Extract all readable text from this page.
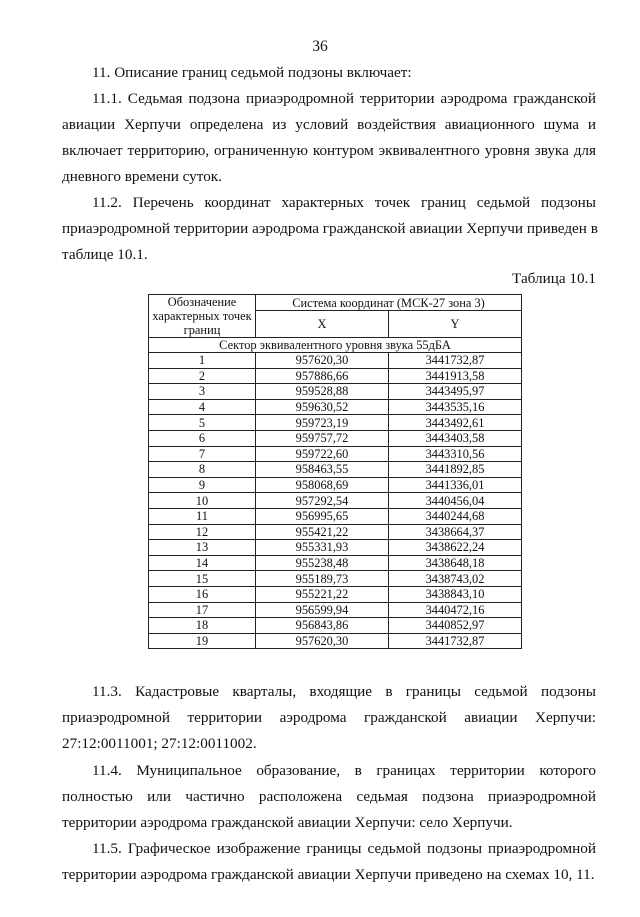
36

11. Описание границ седьмой подзоны включает:

11.1. Седьмая подзона приаэродромной территории аэродрома гражданской
авиации Херпучи определена из условий воздействия авиационного шума и
включает территорию, ограниченную контуром эквивалентного уровня звука для
дневного времени суток.

11.2. Перечень координат характерных точек границ седьмой подзоны
приаэродромной территории аэродрома гражданской авиации Херпучи приведен в
таблице 10.1.

Таблица 10.1
Обозначение характерных точек границ	Система координат (МСК-27 зона 3)	
	X	Y
Сектор эквивалентного уровня звука 55дБА		
1	957620,30	3441732,87
2	957886,66	3441913,58
3	959528,88	3443495,97
4	959630,52	3443535,16
5	959723,19	3443492,61
6	959757,72	3443403,58
7	959722,60	3443310,56
8	958463,55	3441892,85
9	958068,69	3441336,01
10	957292,54	3440456,04
11	956995,65	3440244,68
12	955421,22	3438664,37
13	955331,93	3438622,24
14	955238,48	3438648,18
15	955189,73	3438743,02
16	955221,22	3438843,10
17	956599,94	3440472,16
18	956843,86	3440852,97
19	957620,30	3441732,87

11.3. Кадастровые кварталы, входящие в границы седьмой подзоны
приаэродромной территории аэродрома гражданской авиации Херпучи:
27:12:0011001; 27:12:0011002.

11.4. Муниципальное образование, в границах территории которого
полностью или частично расположена седьмая подзона приаэродромной
территории аэродрома гражданской авиации Херпучи: село Херпучи.

11.5. Графическое изображение границы седьмой подзоны приаэродромной
территории аэродрома гражданской авиации Херпучи приведено на схемах 10, 11.
